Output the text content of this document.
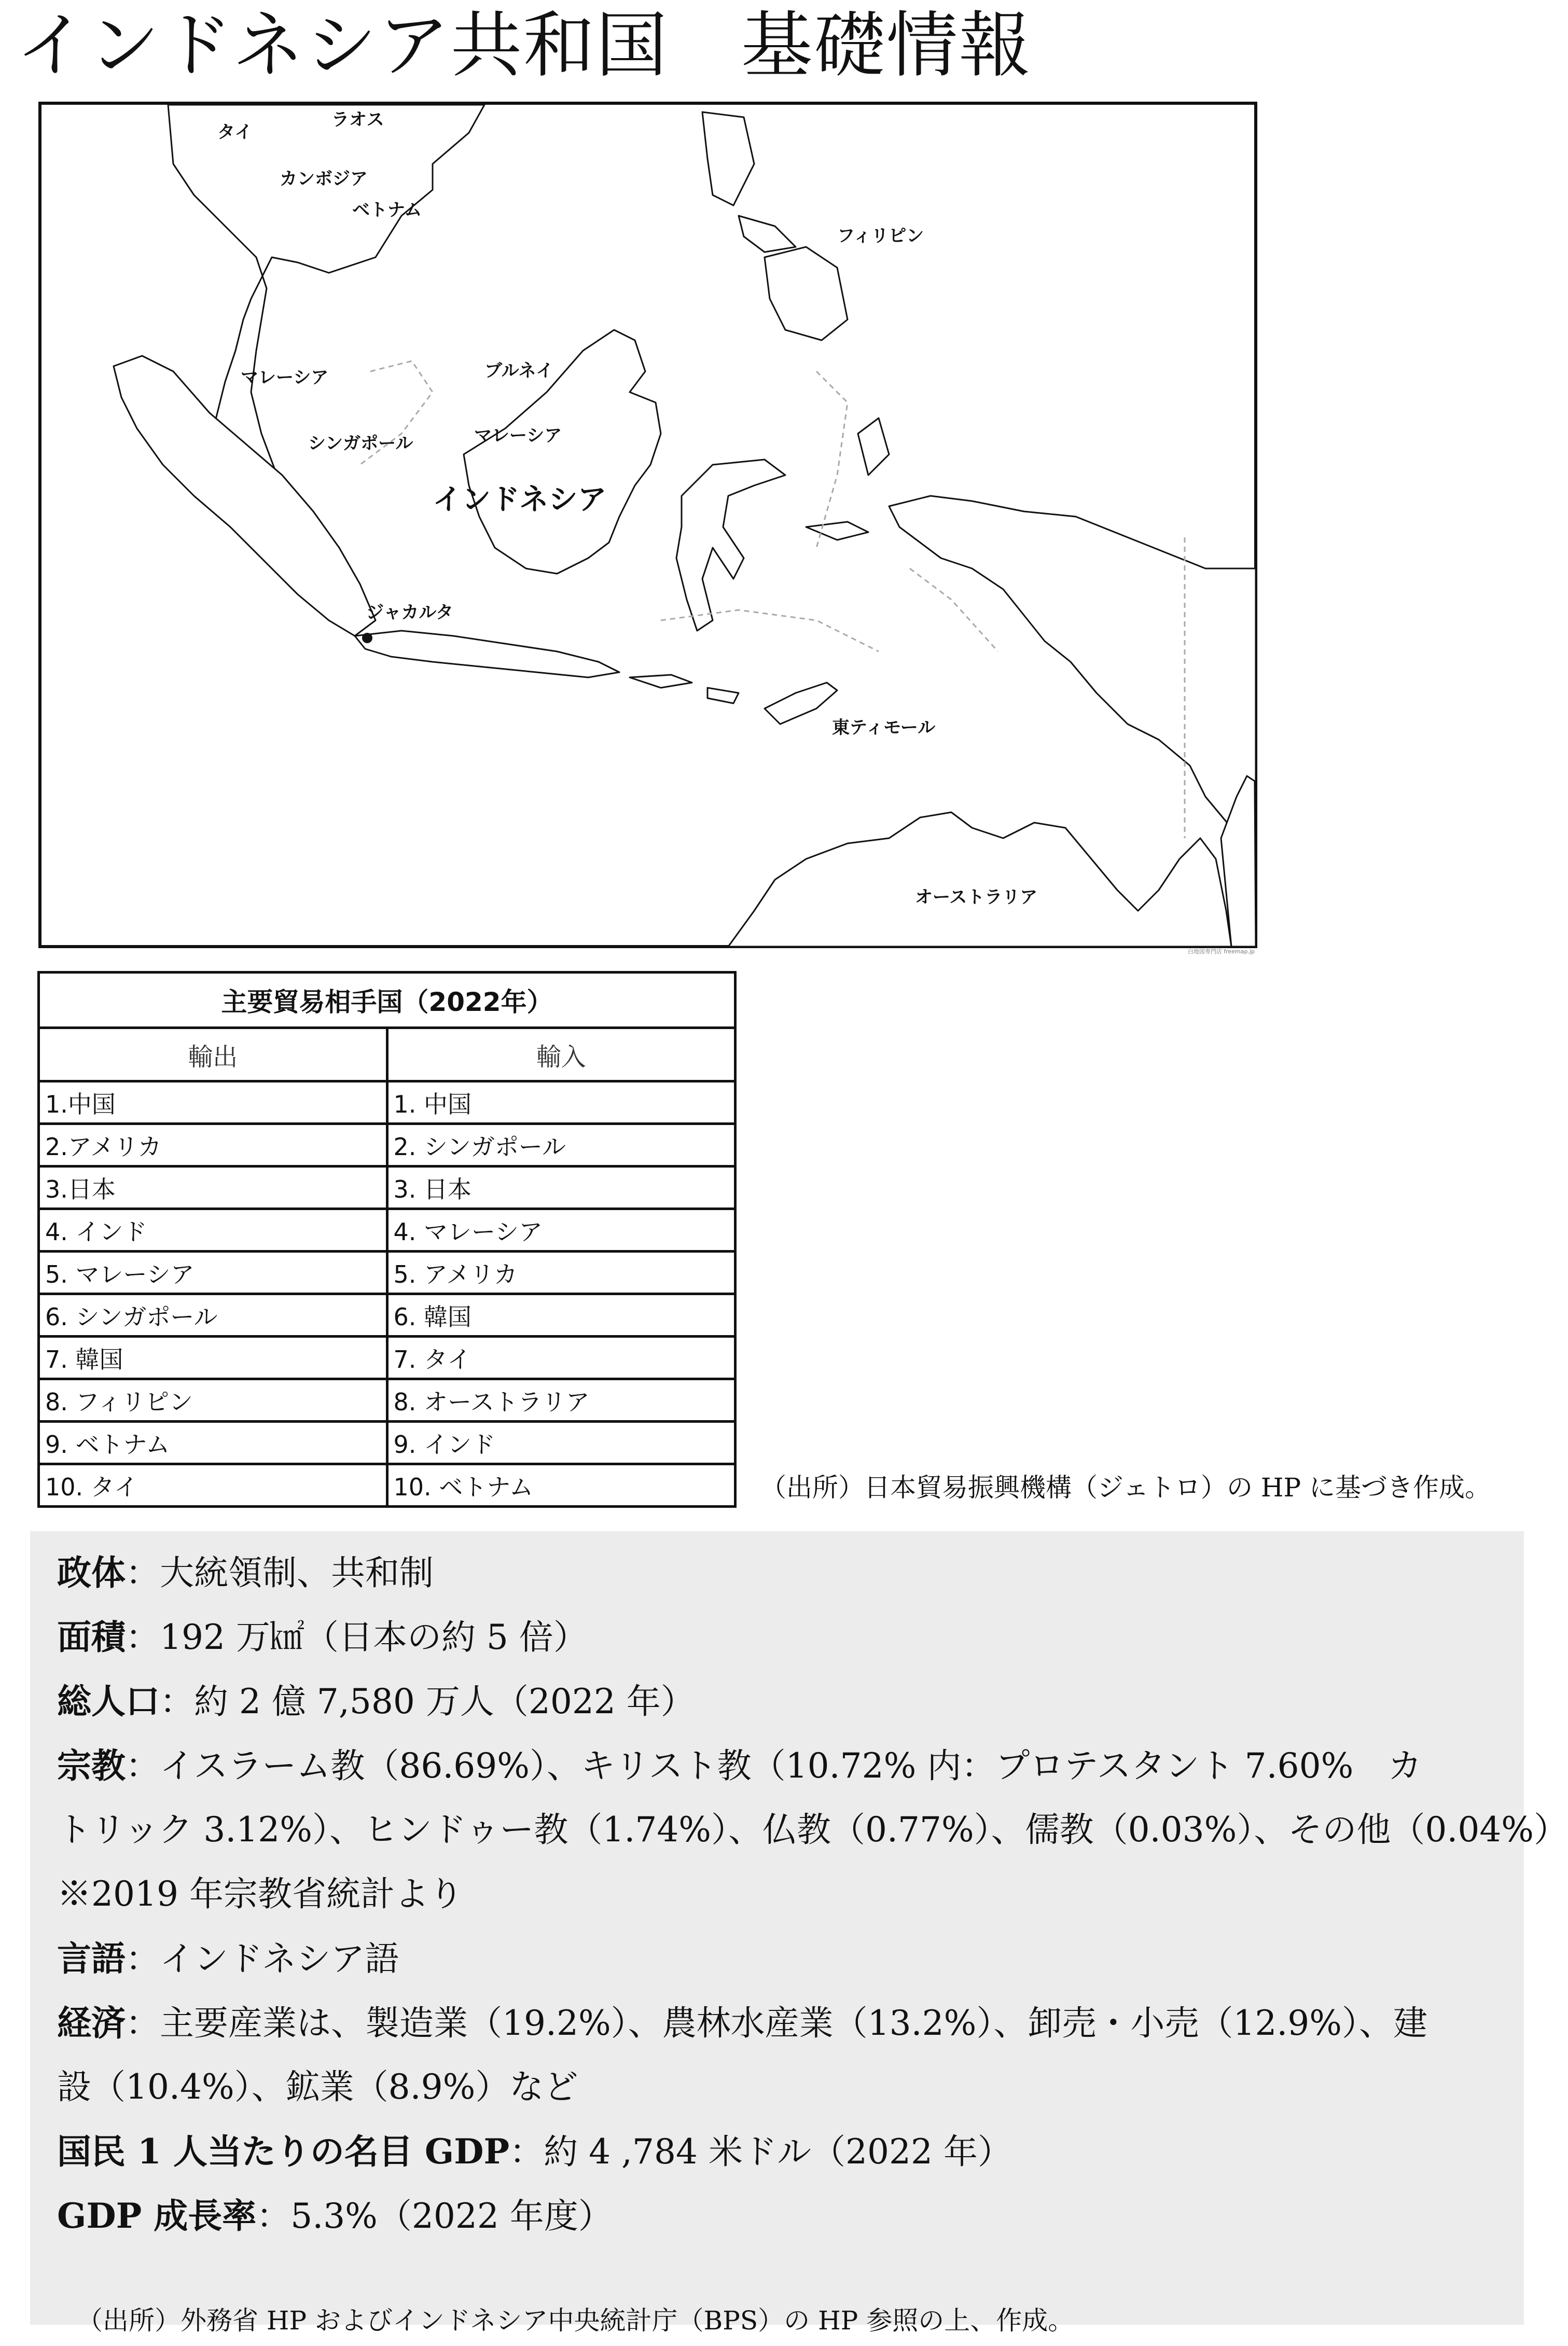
インドネシア共和国　基礎情報
タイ
ラオス
カンボジア
ベトナム
フィリピン
マレーシア	ブルネイ
マレーシア
シンガポール
ジャカルタ
東ティモール
オーストラリア
インドネシア
白地図専門店 freemap.jp
主要貿易相手国（2022年）	
輸出	輸入
1.中国	1. 中国
2.アメリカ	2. シンガポール
3.日本	3. 日本
4. インド	4. マレーシア
5. マレーシア	5. アメリカ
6. シンガポール	6. 韓国
7. 韓国	7. タイ
8. フィリピン	8. オーストラリア
9. ベトナム	9. インド
10. タイ	10. ベトナム	（出所）日本貿易振興機構（ジェトロ）の HP に基づき作成。
政体：大統領制、共和制
面積：192 万㎢（日本の約 5 倍）
総人口：約 2 億 7,580 万人（2022 年）
宗教：イスラーム教（86.69%）、キリスト教（10.72% 内：プロテスタント 7.60%　カ
トリック 3.12%）、ヒンドゥー教（1.74%）、仏教（0.77%）、儒教（0.03%）、その他（0.04%）
※2019 年宗教省統計より
言語：インドネシア語
経済：主要産業は、製造業（19.2%）、農林水産業（13.2%）、卸売・小売（12.9%）、建
設（10.4%）、鉱業（8.9%）など
国民 1 人当たりの名目 GDP：約 4 ,784 米ドル（2022 年）
GDP 成長率：5.3%（2022 年度）
（出所）外務省 HP およびインドネシア中央統計庁（BPS）の HP 参照の上、作成。
